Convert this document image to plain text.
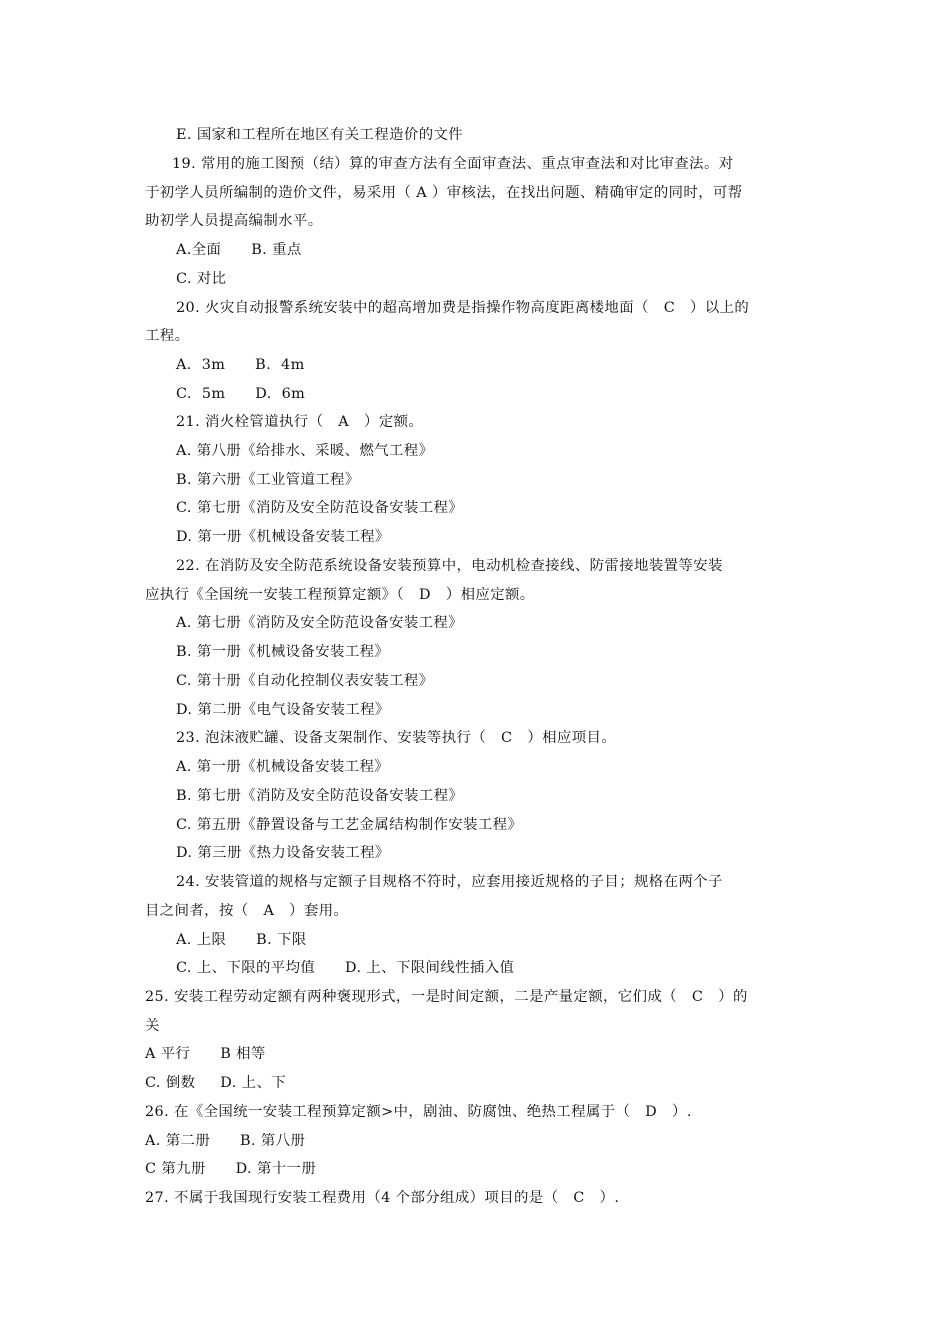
E. 国家和工程所在地区有关工程造价的文件
19. 常用的施工图预（结）算的审查方法有全面审查法、重点审查法和对比审查法。对
于初学人员所编制的造价文件，易采用（ A ）审核法，在找出问题、精确审定的同时，可帮
助初学人员提高编制水平。
A.全面      B. 重点
C. 对比
20. 火灾自动报警系统安装中的超高增加费是指操作物高度距离楼地面（   C   ）以上的
工程。
A.  3m      B.  4m
C.  5m      D.  6m
21. 消火栓管道执行（   A   ）定额。
A. 第八册《给排水、采暖、燃气工程》
B. 第六册《工业管道工程》
C. 第七册《消防及安全防范设备安装工程》
D. 第一册《机械设备安装工程》
22. 在消防及安全防范系统设备安装预算中，电动机检查接线、防雷接地装置等安装
应执行《全国统一安装工程预算定额》（   D   ）相应定额。
A. 第七册《消防及安全防范设备安装工程》
B. 第一册《机械设备安装工程》
C. 第十册《自动化控制仪表安装工程》
D. 第二册《电气设备安装工程》
23. 泡沫液贮罐、设备支架制作、安装等执行（   C   ）相应项目。
A. 第一册《机械设备安装工程》
B. 第七册《消防及安全防范设备安装工程》
C. 第五册《静置设备与工艺金属结构制作安装工程》
D. 第三册《热力设备安装工程》
24. 安装管道的规格与定额子目规格不符时，应套用接近规格的子目；规格在两个子
目之间者，按（   A   ）套用。
A. 上限      B. 下限
C. 上、下限的平均值      D. 上、下限间线性插入值
25. 安装工程劳动定额有两种褒现形式，一是时间定额，二是产量定额，它们成（   C   ）的
关
A 平行      B 相等
C. 倒数     D. 上、下
26. 在《全国统一安装工程预算定额>中，剧油、防腐蚀、绝热工程属于（   D   ）.
A. 第二册      B. 第八册
C 第九册      D. 第十一册
27. 不属于我国现行安装工程费用（4 个部分组成）项目的是（   C   ）.
